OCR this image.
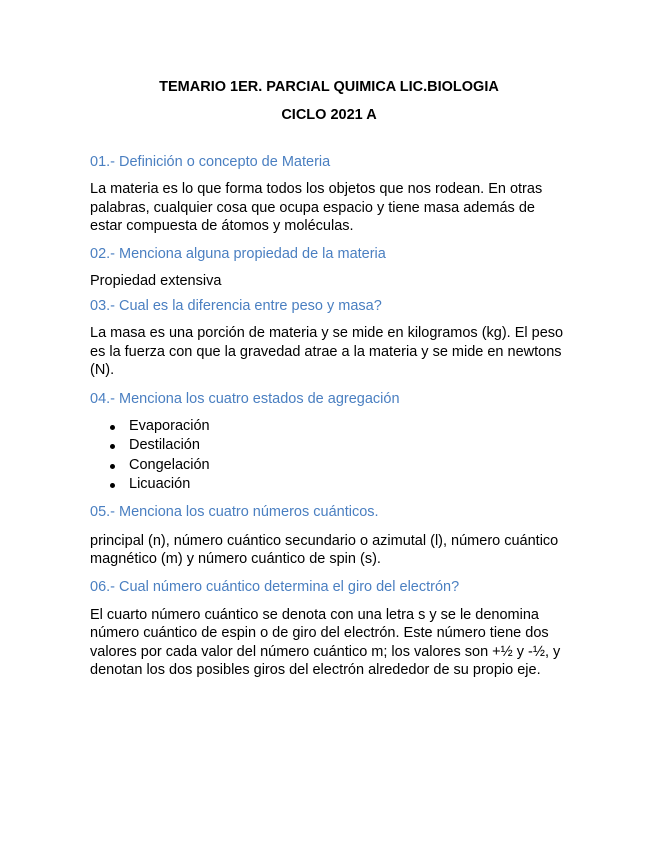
TEMARIO 1ER. PARCIAL QUIMICA LIC.BIOLOGIA

CICLO 2021 A

01.- Definición o concepto de Materia

La materia es lo que forma todos los objetos que nos rodean. En otras palabras, cualquier cosa que ocupa espacio y tiene masa además de estar compuesta de átomos y moléculas.

02.- Menciona alguna propiedad de la materia

Propiedad extensiva

03.- Cual es la diferencia entre peso y masa?

La masa es una porción de materia y se mide en kilogramos (kg). El peso es la fuerza con que la gravedad atrae a la materia y se mide en newtons (N).

04.- Menciona los cuatro estados de agregación

Evaporación
Destilación
Congelación
Licuación

05.- Menciona los cuatro números cuánticos.

principal (n), número cuántico secundario o azimutal (l), número cuántico magnético (m) y número cuántico de spin (s).

06.- Cual número cuántico determina el giro del electrón?

El cuarto número cuántico se denota con una letra s y se le denomina número cuántico de espin o de giro del electrón. Este número tiene dos valores por cada valor del número cuántico m; los valores son +½ y -½, y denotan los dos posibles giros del electrón alrededor de su propio eje.
